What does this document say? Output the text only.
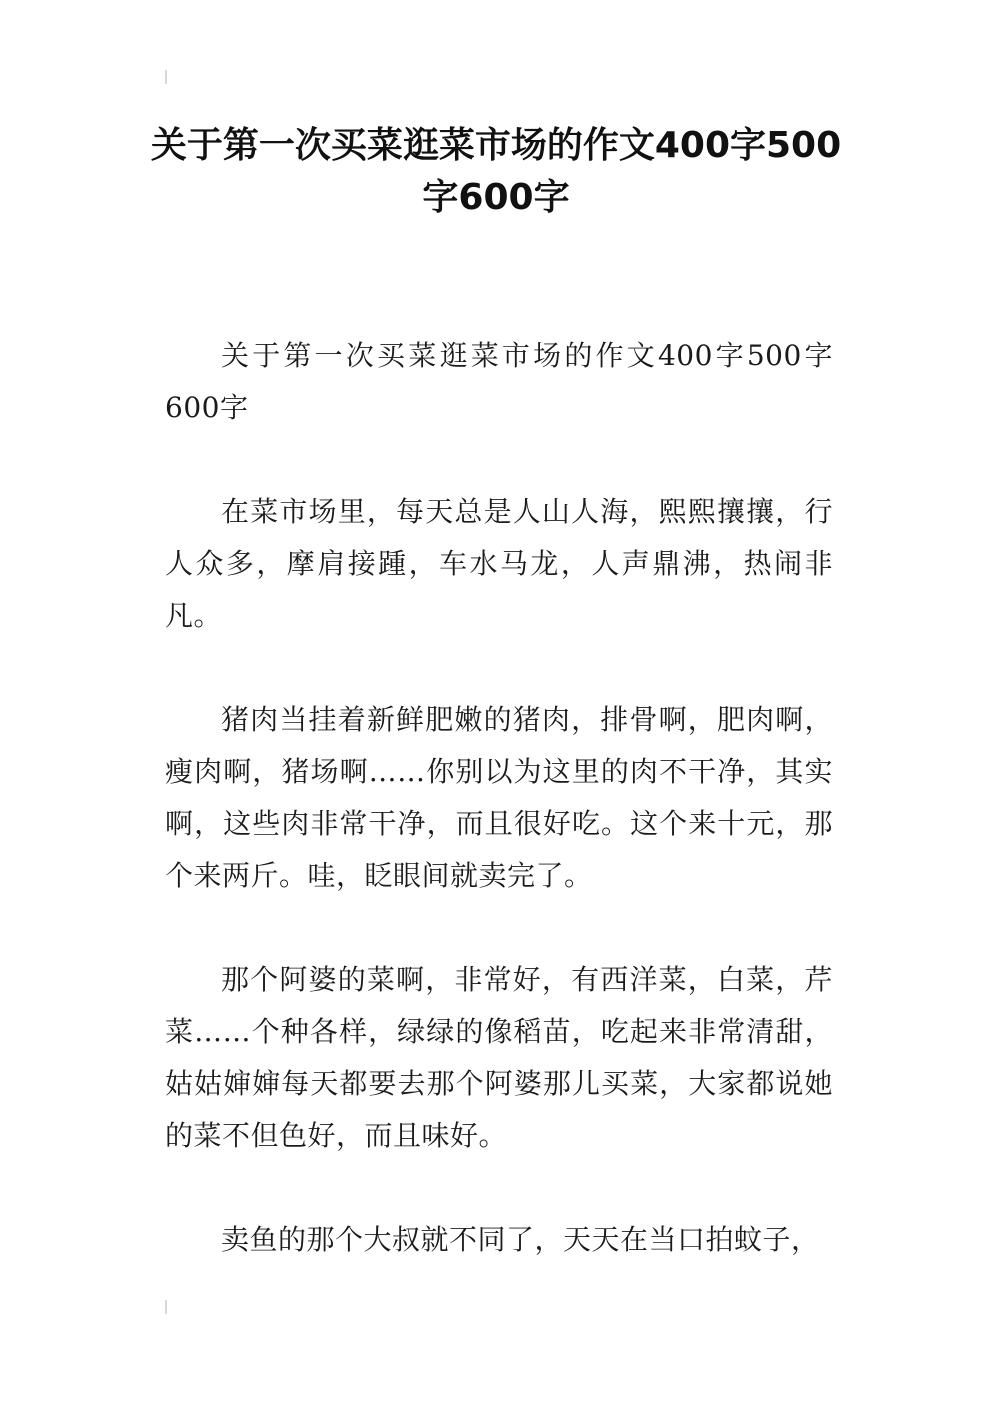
关于第一次买菜逛菜市场的作文400字500字600字

关于第一次买菜逛菜市场的作文400字500字600字

在菜市场里，每天总是人山人海，熙熙攘攘，行人众多，摩肩接踵，车水马龙，人声鼎沸，热闹非凡。

猪肉当挂着新鲜肥嫩的猪肉，排骨啊，肥肉啊，瘦肉啊，猪场啊……你别以为这里的肉不干净，其实啊，这些肉非常干净，而且很好吃。这个来十元，那个来两斤。哇，眨眼间就卖完了。

那个阿婆的菜啊，非常好，有西洋菜，白菜，芹菜……个种各样，绿绿的像稻苗，吃起来非常清甜，姑姑婶婶每天都要去那个阿婆那儿买菜，大家都说她的菜不但色好，而且味好。

卖鱼的那个大叔就不同了，天天在当口拍蚊子，
